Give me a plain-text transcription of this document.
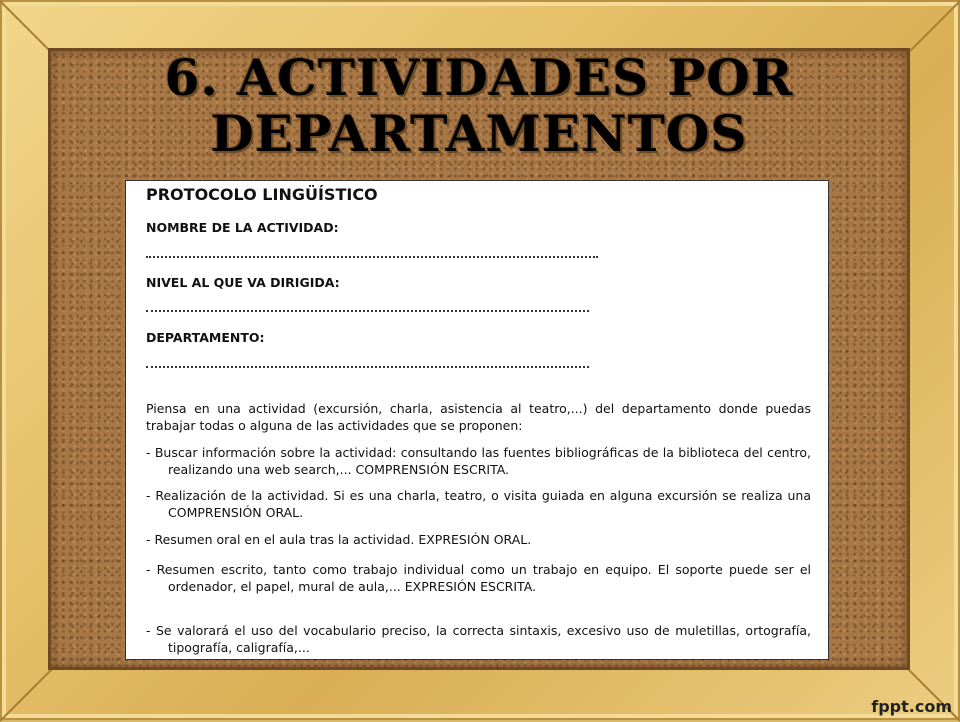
6. ACTIVIDADES POR DEPARTAMENTOS
PROTOCOLO LINGÜÍSTICO
NOMBRE DE LA ACTIVIDAD:
NIVEL AL QUE VA DIRIGIDA:
DEPARTAMENTO:
Piensa en una actividad (excursión, charla, asistencia al teatro,...) del departamento donde puedas trabajar todas o alguna de las actividades que se proponen:
- Buscar información sobre la actividad: consultando las fuentes bibliográficas de la biblioteca del centro, realizando una web search,... COMPRENSIÓN ESCRITA.
- Realización de la actividad. Si es una charla, teatro, o visita guiada en alguna excursión se realiza una COMPRENSIÓN ORAL.
- Resumen oral en el aula tras la actividad. EXPRESIÓN ORAL.
- Resumen escrito, tanto como trabajo individual como un trabajo en equipo. El soporte puede ser el ordenador, el papel, mural de aula,... EXPRESIÓN ESCRITA.
- Se valorará el uso del vocabulario preciso, la correcta sintaxis, excesivo uso de muletillas, ortografía, tipografía, caligrafía,...
fppt.com
